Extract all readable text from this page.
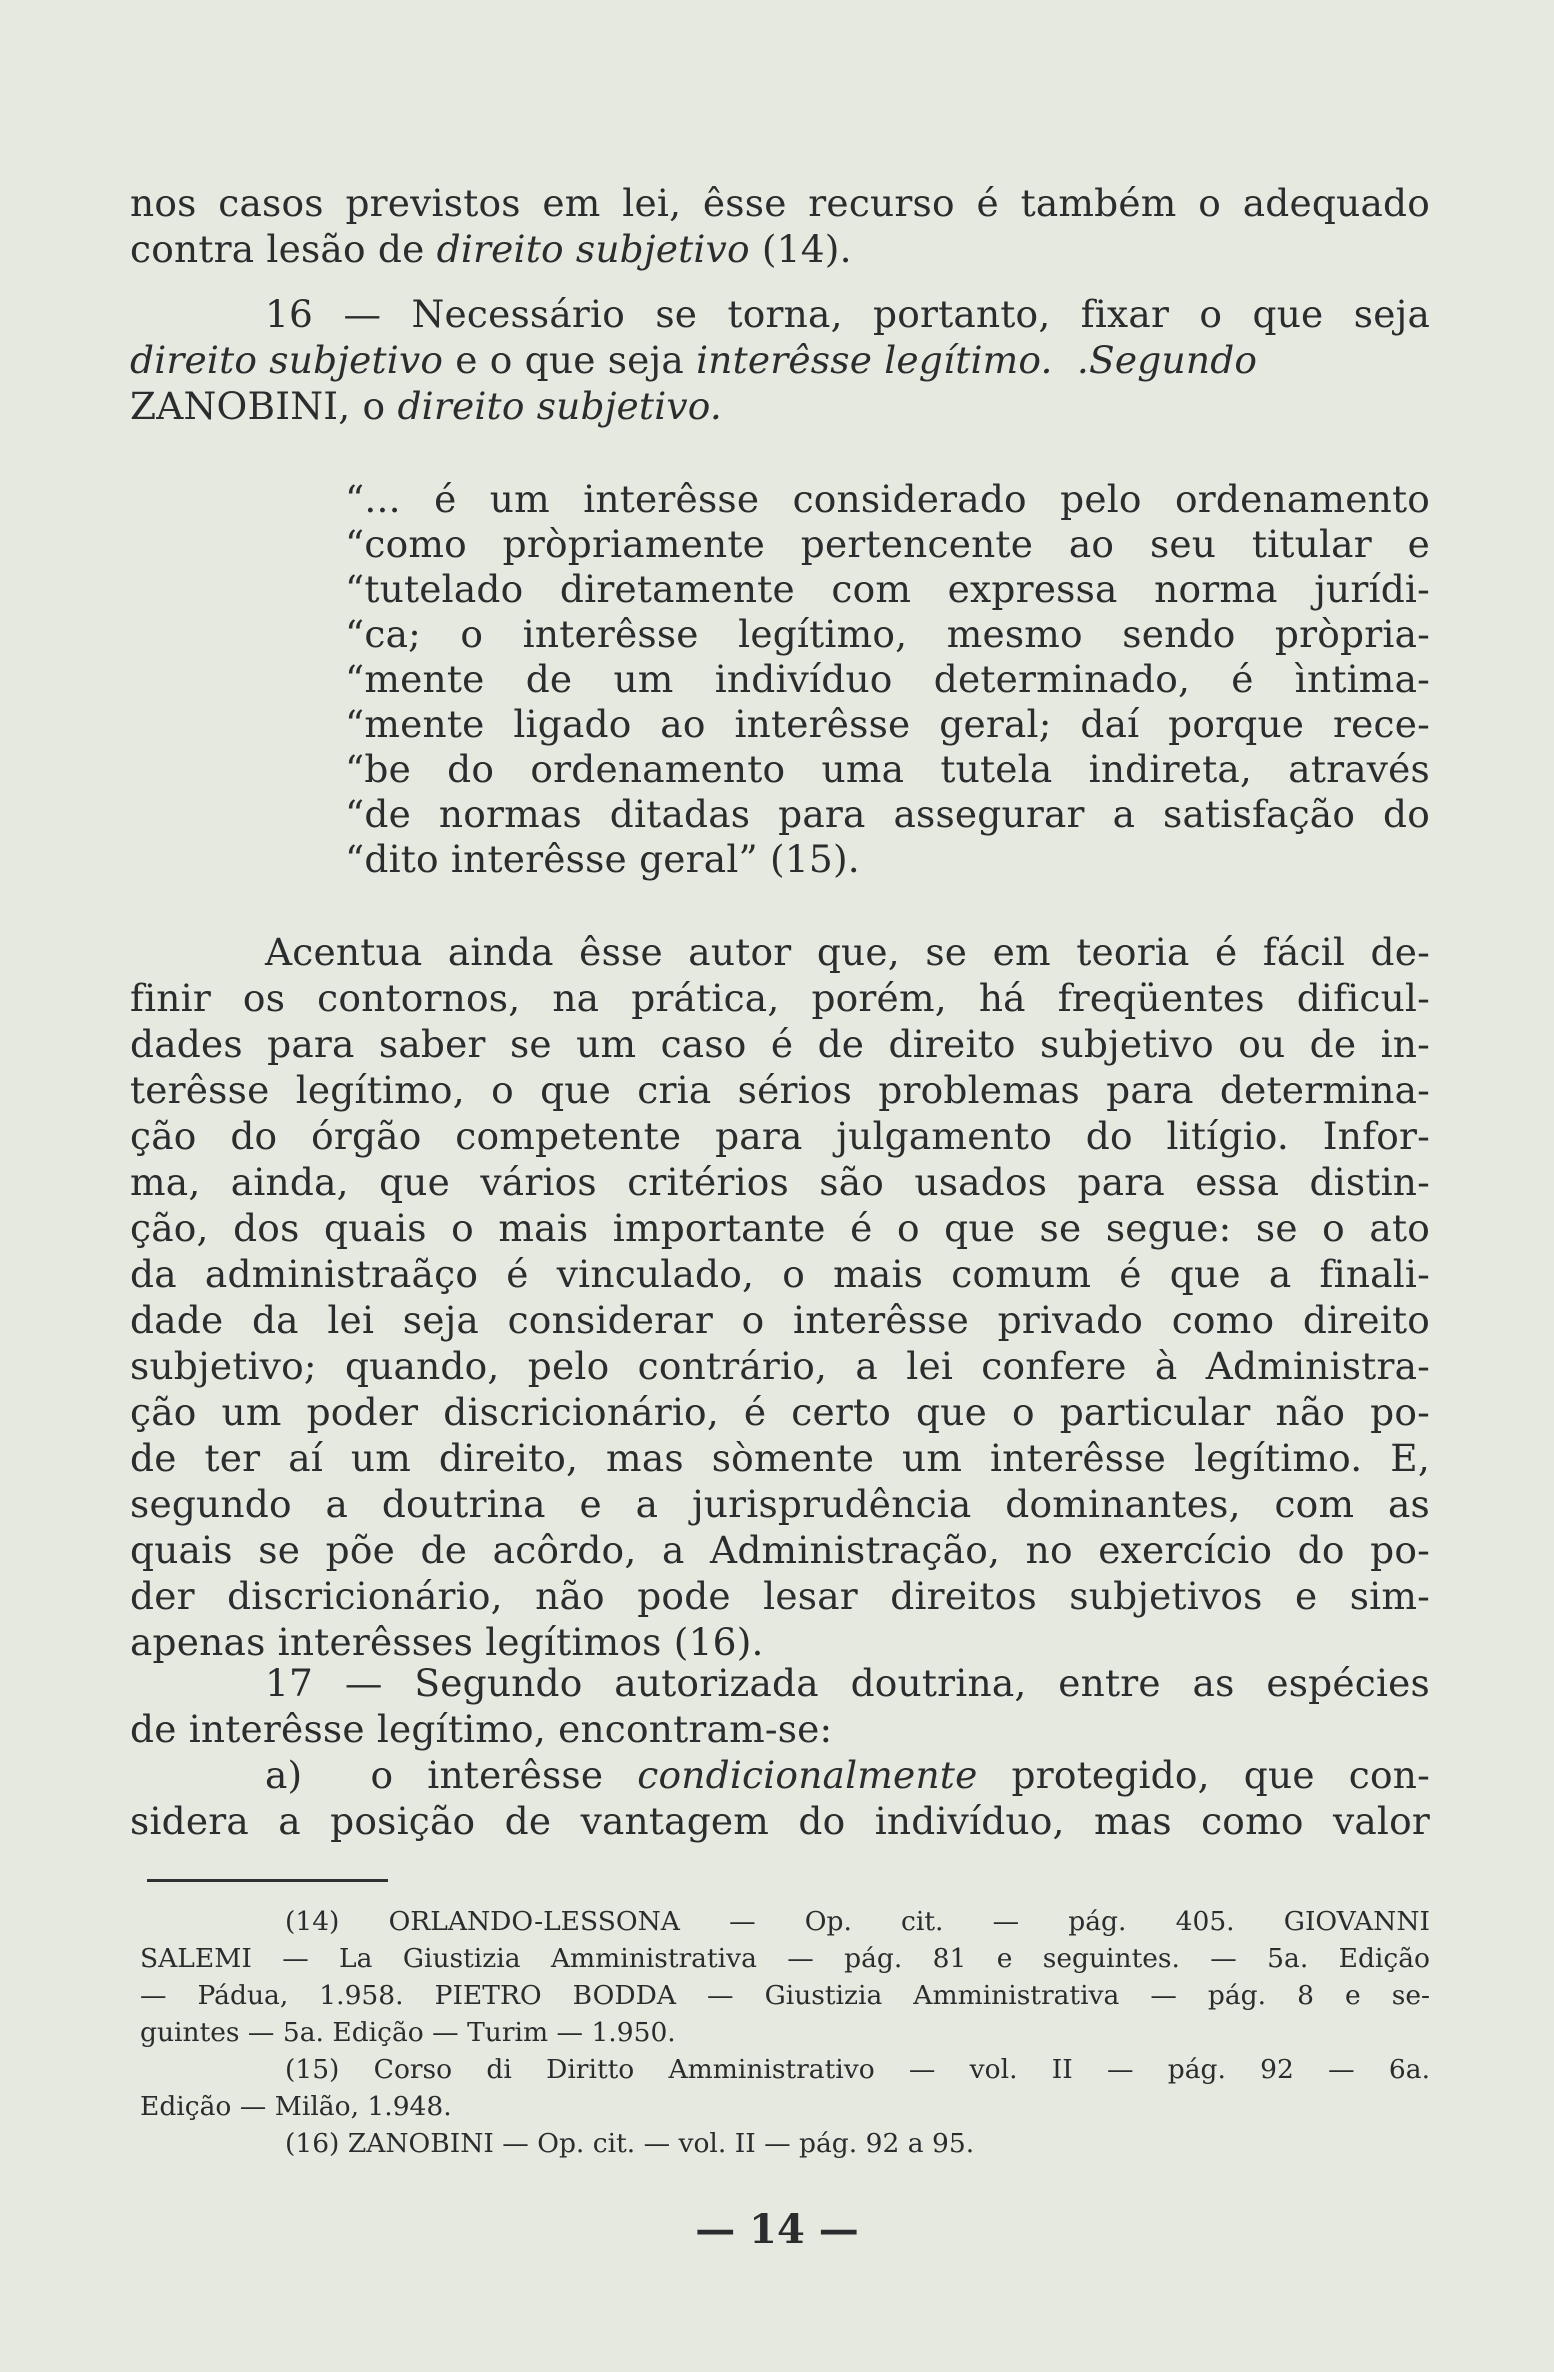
nos casos previstos em lei, êsse recurso é também o adequado
contra lesão de direito subjetivo (14).
16 — Necessário se torna, portanto, fixar o que seja
direito subjetivo e o que seja interêsse legítimo. .Segundo
ZANOBINI, o direito subjetivo.
“... é um interêsse considerado pelo ordenamento
“como pròpriamente pertencente ao seu titular e
“tutelado diretamente com expressa norma jurídi-
“ca; o interêsse legítimo, mesmo sendo pròpria-
“mente de um indivíduo determinado, é ìntima-
“mente ligado ao interêsse geral; daí porque rece-
“be do ordenamento uma tutela indireta, através
“de normas ditadas para assegurar a satisfação do
“dito interêsse geral” (15).
Acentua ainda êsse autor que, se em teoria é fácil de-
finir os contornos, na prática, porém, há freqüentes dificul-
dades para saber se um caso é de direito subjetivo ou de in-
terêsse legítimo, o que cria sérios problemas para determina-
ção do órgão competente para julgamento do litígio. Infor-
ma, ainda, que vários critérios são usados para essa distin-
ção, dos quais o mais importante é o que se segue: se o ato
da administraãço é vinculado, o mais comum é que a finali-
dade da lei seja considerar o interêsse privado como direito
subjetivo; quando, pelo contrário, a lei confere à Administra-
ção um poder discricionário, é certo que o particular não po-
de ter aí um direito, mas sòmente um interêsse legítimo. E,
segundo a doutrina e a jurisprudência dominantes, com as
quais se põe de acôrdo, a Administração, no exercício do po-
der discricionário, não pode lesar direitos subjetivos e sim-
apenas interêsses legítimos (16).
17 — Segundo autorizada doutrina, entre as espécies
de interêsse legítimo, encontram-se:
a)  o interêsse condicionalmente protegido, que con-
sidera a posição de vantagem do indivíduo, mas como valor
(14) ORLANDO-LESSONA — Op. cit. — pág. 405. GIOVANNI
SALEMI — La Giustizia Amministrativa — pág. 81 e seguintes. — 5a. Edição
— Pádua, 1.958. PIETRO BODDA — Giustizia Amministrativa — pág. 8 e se-
guintes — 5a. Edição — Turim — 1.950.
(15) Corso di Diritto Amministrativo — vol. II — pág. 92 — 6a.
Edição — Milão, 1.948.
(16) ZANOBINI — Op. cit. — vol. II — pág. 92 a 95.
— 14 —
